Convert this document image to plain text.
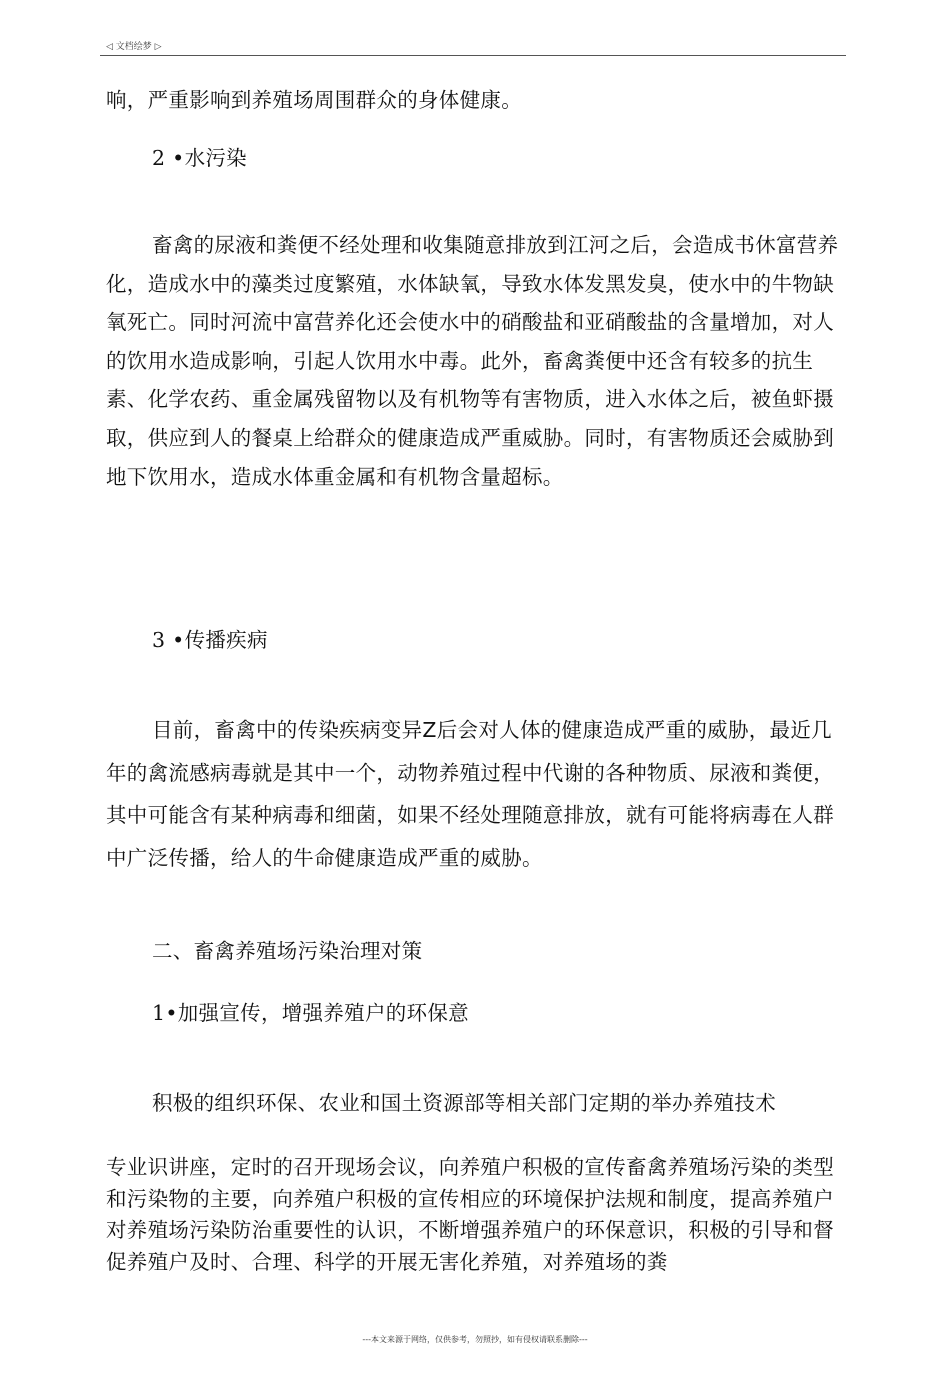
◁ 文档绘梦 ▷
响，严重影响到养殖场周围群众的身体健康。
2 •水污染
畜禽的尿液和粪便不经处理和收集随意排放到江河之后，会造成书休富营养化，造成水中的藻类过度繁殖，水体缺氧，导致水体发黑发臭，使水中的牛物缺氧死亡。同时河流中富营养化还会使水中的硝酸盐和亚硝酸盐的含量增加，对人的饮用水造成影响，引起人饮用水中毒。此外，畜禽粪便中还含有较多的抗生素、化学农药、重金属残留物以及有机物等有害物质，进入水体之后，被鱼虾摄取，供应到人的餐桌上给群众的健康造成严重威胁。同时，有害物质还会威胁到地下饮用水，造成水体重金属和有机物含量超标。
3 •传播疾病
目前，畜禽中的传染疾病变异Z后会对人体的健康造成严重的威胁，最近几年的禽流感病毒就是其中一个，动物养殖过程中代谢的各种物质、尿液和粪便，其中可能含有某种病毒和细菌，如果不经处理随意排放，就有可能将病毒在人群中广泛传播，给人的牛命健康造成严重的威胁。
二、畜禽养殖场污染治理对策
1•加强宣传，增强养殖户的环保意
积极的组织环保、农业和国土资源部等相关部门定期的举办养殖技术
专业识讲座，定时的召开现场会议，向养殖户积极的宣传畜禽养殖场污染的类型和污染物的主要，向养殖户积极的宣传相应的环境保护法规和制度，提高养殖户对养殖场污染防治重要性的认识，不断增强养殖户的环保意识，积极的引导和督促养殖户及时、合理、科学的开展无害化养殖，对养殖场的粪
---本文来源于网络，仅供参考，勿照抄，如有侵权请联系删除---
